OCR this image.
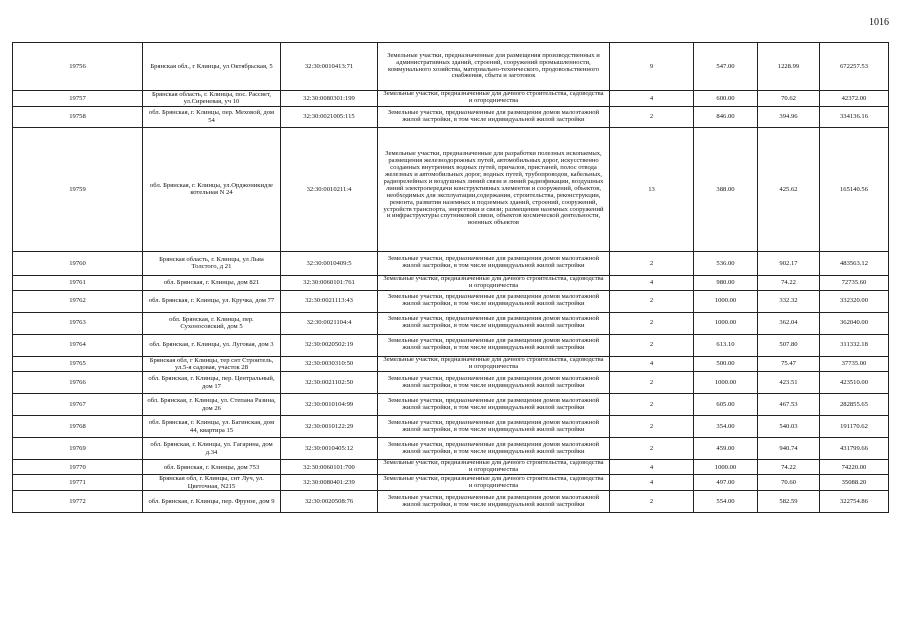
1016
19756	Брянская обл., г Клинцы, ул Октябрьская, 5	32:30:0010413:71	Земельные участки, предназначенные для размещения производственных и административных зданий, строений, сооружений промышленности, коммунального хозяйства, материально-технического, продовольственного снабжения, сбыта и заготовок	9	547.00	1228.99	672257.53
19757	Брянская область, г. Клинцы, пос. Рассвет, ул.Сиреневая, уч 10	32:30:0080301:199	Земельные участки, предназначенные для дачного строительства, садоводства и огородничества	4	600.00	70.62	42372.00
19758	обл. Брянская, г. Клинцы, пер. Меховой, дом 54	32:30:0021005:115	Земельные участки, предназначенные для размещения домов малоэтажной жилой застройки, в том числе индивидуальной жилой застройки	2	846.00	394.96	334136.16
19759	обл. Брянская, г. Клинцы, ул.Орджоникидзе котельная N 24	32:30:0010211:4	Земельные участки, предназначенные для разработки полезных ископаемых, размещения железнодорожных путей, автомобильных дорог, искусственно созданных внутренних водных путей, причалов, пристаней, полос отвода железных и автомобильных дорог, водных путей, трубопроводов, кабельных, радиорелейных и воздушных линий связи и линий радиофикации, воздушных линий электропередачи конструктивных элементов и сооружений, объектов, необходимых для эксплуатации,содержания, строительства, реконструкции, ремонта, развития наземных и подземных зданий, строений, сооружений, устройств транспорта, энергетики и связи; размещения наземных сооружений и инфраструктуры спутниковой связи, объектов космической деятельности, военных объектов	13	388.00	425.62	165140.56
19760	Брянская область, г. Клинцы, ул Льва Толстого, д 21	32:30:0010409:5	Земельные участки, предназначенные для размещения домов малоэтажной жилой застройки, в том числе индивидуальной жилой застройки	2	536.00	902.17	483563.12
19761	обл. Брянская, г. Клинцы, дом 821	32:30:0060101:761	Земельные участки, предназначенные для дачного строительства, садоводства и огородничества	4	980.00	74.22	72735.60
19762	обл. Брянская, г. Клинцы, ул. Кручка, дом 77	32:30:0021113:43	Земельные участки, предназначенные для размещения домов малоэтажной жилой застройки, в том числе индивидуальной жилой застройки	2	1000.00	332.32	332320.00
19763	обл. Брянская, г. Клинцы, пер. Сухоносовский, дом 5	32:30:0021104:4	Земельные участки, предназначенные для размещения домов малоэтажной жилой застройки, в том числе индивидуальной жилой застройки	2	1000.00	362.04	362040.00
19764	обл. Брянская, г. Клинцы, ул. Луговая, дом 3	32:30:0020502:19	Земельные участки, предназначенные для размещения домов малоэтажной жилой застройки, в том числе индивидуальной жилой застройки	2	613.10	507.80	311332.18
19765	Брянская обл, г Клинцы, тер снт Строитель, ул.5-я садовая, участок 28	32:30:0030310:50	Земельные участки, предназначенные для дачного строительства, садоводства и огородничества	4	500.00	75.47	37735.00
19766	обл. Брянская, г. Клинцы, пер. Центральный, дом 17	32:30:0021102:50	Земельные участки, предназначенные для размещения домов малоэтажной жилой застройки, в том числе индивидуальной жилой застройки	2	1000.00	423.51	423510.00
19767	обл. Брянская, г. Клинцы, ул. Степана Разина, дом 26	32:30:0010104:99	Земельные участки, предназначенные для размещения домов малоэтажной жилой застройки, в том числе индивидуальной жилой застройки	2	605.00	467.53	282855.65
19768	обл. Брянская, г. Клинцы, ул. Багинская, дом 44, квартира 15	32:30:0010122:29	Земельные участки, предназначенные для размещения домов малоэтажной жилой застройки, в том числе индивидуальной жилой застройки	2	354.00	540.03	191170.62
19769	обл. Брянская, г. Клинцы, ул. Гагарина, дом д.34	32:30:0010405:12	Земельные участки, предназначенные для размещения домов малоэтажной жилой застройки, в том числе индивидуальной жилой застройки	2	459.00	940.74	431799.66
19770	обл. Брянская, г. Клинцы, дом 753	32:30:0060101:700	Земельные участки, предназначенные для дачного строительства, садоводства и огородничества	4	1000.00	74.22	74220.00
19771	Брянская обл, г. Клинцы, снт Луч, ул. Цветочная, N215	32:30:0080401:239	Земельные участки, предназначенные для дачного строительства, садоводства и огородничества	4	497.00	70.60	35088.20
19772	обл. Брянская, г. Клинцы, пер. Фрунзе, дом 9	32:30:0020508:76	Земельные участки, предназначенные для размещения домов малоэтажной жилой застройки, в том числе индивидуальной жилой застройки	2	554.00	582.59	322754.86
